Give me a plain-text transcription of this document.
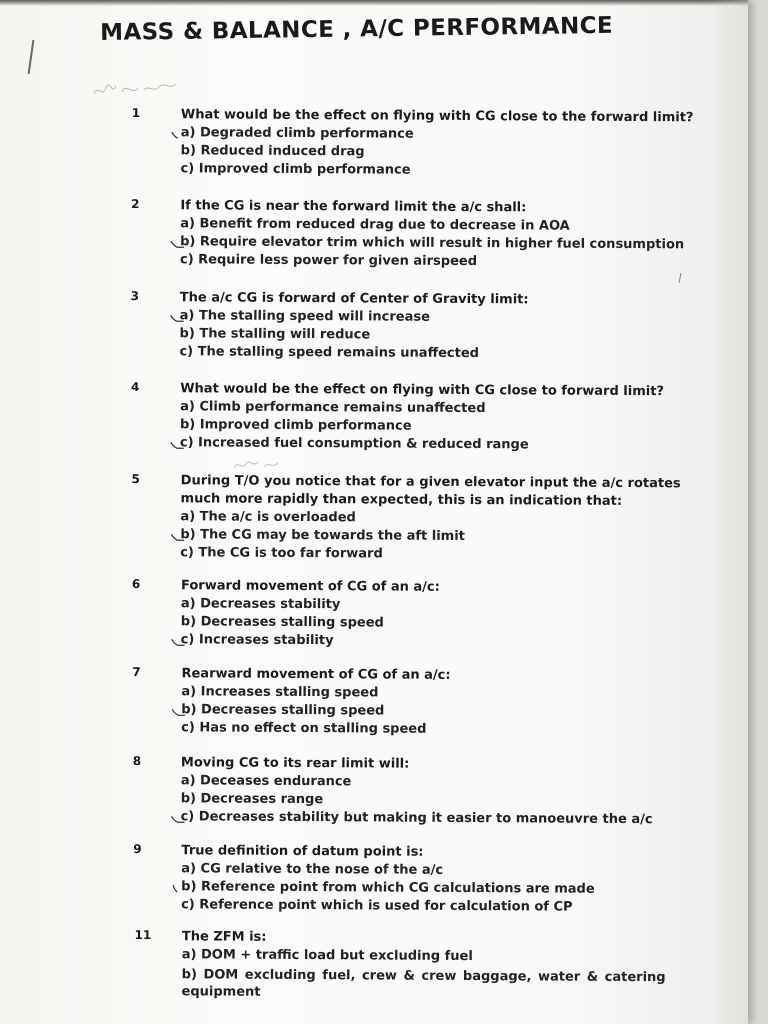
MASS & BALANCE , A/C PERFORMANCE
1	What would be the effect on flying with CG close to the forward limit?
a) Degraded climb performance
b) Reduced induced drag
c) Improved climb performance
2	If the CG is near the forward limit the a/c shall:
a) Benefit from reduced drag due to decrease in AOA
b) Require elevator trim which will result in higher fuel consumption
c) Require less power for given airspeed
3	The a/c CG is forward of Center of Gravity limit:
a) The stalling speed will increase
b) The stalling will reduce
c) The stalling speed remains unaffected
4	What would be the effect on flying with CG close to forward limit?
a) Climb performance remains unaffected
b) Improved climb performance
c) Increased fuel consumption & reduced range
5	During T/O you notice that for a given elevator input the a/c rotates much more rapidly than expected, this is an indication that:
a) The a/c is overloaded
b) The CG may be towards the aft limit
c) The CG is too far forward
6	Forward movement of CG of an a/c:
a) Decreases stability
b) Decreases stalling speed
c) Increases stability
7	Rearward movement of CG of an a/c:
a) Increases stalling speed
b) Decreases stalling speed
c) Has no effect on stalling speed
8	Moving CG to its rear limit will:
a) Deceases endurance
b) Decreases range
c) Decreases stability but making it easier to manoeuvre the a/c
9	True definition of datum point is:
a) CG relative to the nose of the a/c
b) Reference point from which CG calculations are made
c) Reference point which is used for calculation of CP
11 The ZFM is:
a) DOM + traffic load but excluding fuel
b) DOM excluding fuel, crew & crew baggage, water & catering equipment
